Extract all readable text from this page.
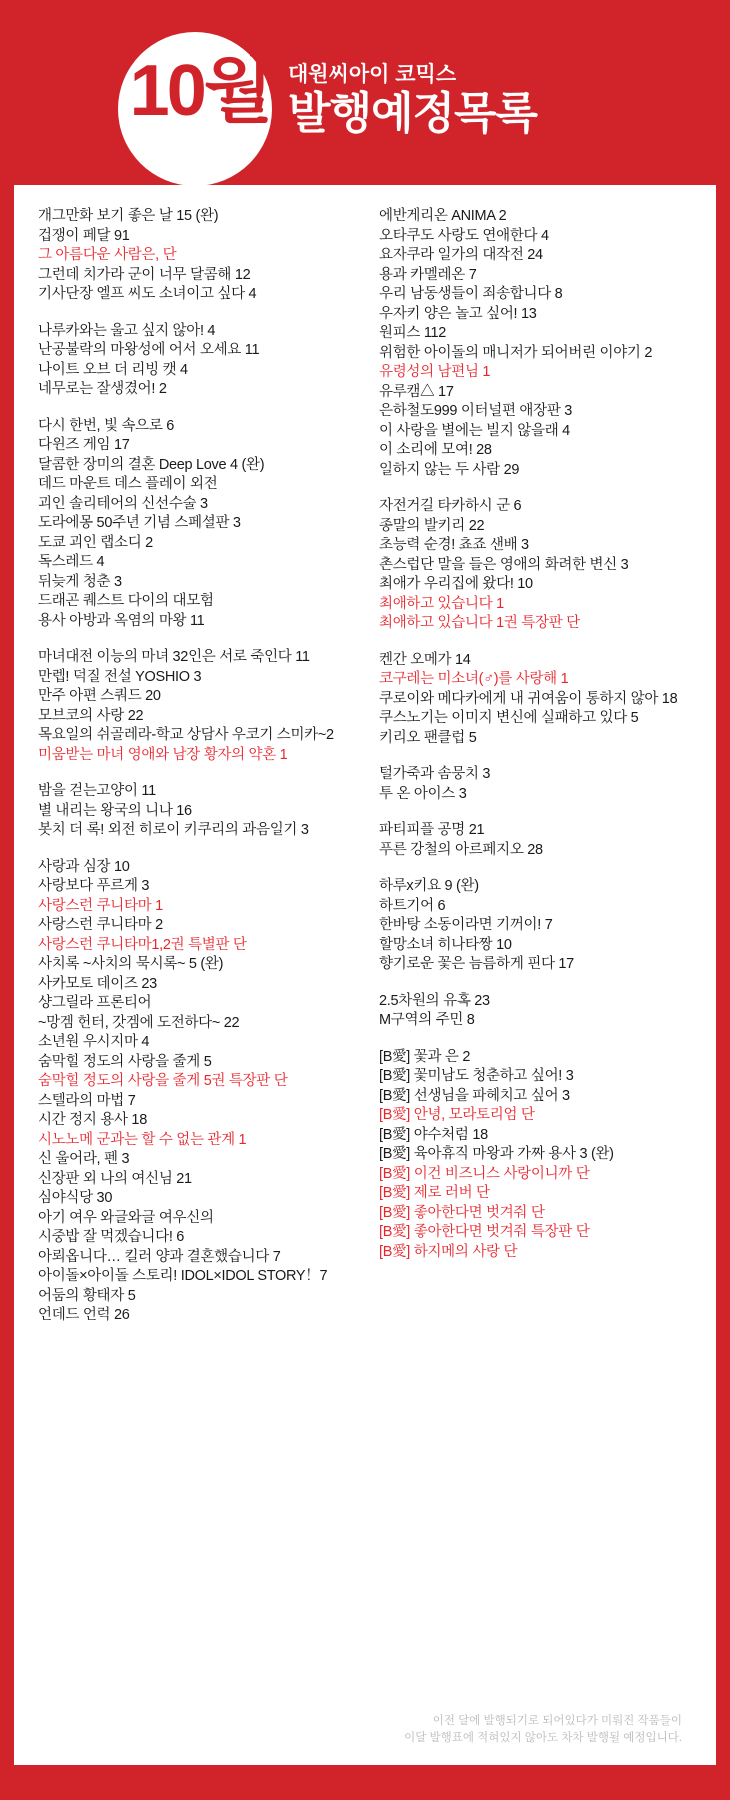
10월 대원씨아이 코믹스
발행예정목록
개그만화 보기 좋은 날 15 (완)
겁쟁이 페달 91
그 아름다운 사람은, 단
그런데 치가라 군이 너무 달콤해 12
기사단장 엘프 씨도 소녀이고 싶다 4
나루카와는 울고 싶지 않아! 4
난공불락의 마왕성에 어서 오세요 11
나이트 오브 더 리빙 캣 4
네무로는 잘생겼어! 2
다시 한번, 빛 속으로 6
다윈즈 게임 17
달콤한 장미의 결혼 Deep Love 4 (완)
데드 마운트 데스 플레이 외전
괴인 솔리테어의 신선수술 3
도라에몽 50주년 기념 스페셜판 3
도쿄 괴인 랩소디 2
독스레드 4
뒤늦게 청춘 3
드래곤 퀘스트 다이의 대모험
용사 아방과 옥염의 마왕 11
마녀대전 이능의 마녀 32인은 서로 죽인다 11
만렙! 덕질 전설 YOSHIO 3
만주 아편 스쿼드 20
모브코의 사랑 22
목요일의 쉬골레라-학교 상담사 우코기 스미카~2
미움받는 마녀 영애와 남장 황자의 약혼 1
밤을 걷는고양이 11
별 내리는 왕국의 니나 16
봇치 더 록! 외전 히로이 키쿠리의 과음일기 3
사랑과 심장 10
사랑보다 푸르게 3
사랑스런 쿠니타마 1
사랑스런 쿠니타마 2
사랑스런 쿠니타마1,2권 특별판 단
사치록 ~사치의 묵시록~ 5 (완)
사카모토 데이즈 23
샹그릴라 프론티어
~망겜 헌터, 갓겜에 도전하다~ 22
소년원 우시지마 4
숨막힐 정도의 사랑을 줄게 5
숨막힐 정도의 사랑을 줄게 5권 특장판 단
스텔라의 마법 7
시간 정지 용사 18
시노노메 군과는 할 수 없는 관계 1
신 울어라, 펜 3
신장판 외 나의 여신님 21
심야식당 30
아기 여우 와글와글 여우신의
시중밥 잘 먹겠습니다! 6
아뢰옵니다… 킬러 양과 결혼했습니다 7
아이돌×아이돌 스토리! IDOL×IDOL STORY！7
어둠의 황태자 5
언데드 언럭 26
에반게리온 ANIMA 2
오타쿠도 사랑도 연애한다 4
요자쿠라 일가의 대작전 24
용과 카멜레온 7
우리 남동생들이 죄송합니다 8
우자키 양은 놀고 싶어! 13
원피스 112
위험한 아이돌의 매니저가 되어버린 이야기 2
유령성의 남편님 1
유루캠△ 17
은하철도999 이터널편 애장판 3
이 사랑을 별에는 빌지 않을래 4
이 소리에 모여! 28
일하지 않는 두 사람 29
자전거길 타카하시 군 6
종말의 발키리 22
초능력 순경! 쵸죠 샌배 3
촌스럽단 말을 들은 영애의 화려한 변신 3
최애가 우리집에 왔다! 10
최애하고 있습니다 1
최애하고 있습니다 1권 특장판 단
켄간 오메가 14
코구레는 미소녀(♂)를 사랑해 1
쿠로이와 메다카에게 내 귀여움이 통하지 않아 18
쿠스노기는 이미지 변신에 실패하고 있다 5
키리오 팬클럽 5
털가죽과 솜뭉치 3
투 온 아이스 3
파티피플 공명 21
푸른 강철의 아르페지오 28
하루x키요 9 (완)
하트기어 6
한바탕 소동이라면 기꺼이! 7
할망소녀 히나타짱 10
향기로운 꽃은 늠름하게 핀다 17
2.5차원의 유혹 23
M구역의 주민 8
[B愛] 꽃과 은 2
[B愛] 꽃미남도 청춘하고 싶어! 3
[B愛] 선생님을 파헤치고 싶어 3
[B愛] 안녕, 모라토리엄 단
[B愛] 야수처럼 18
[B愛] 육아휴직 마왕과 가짜 용사 3 (완)
[B愛] 이건 비즈니스 사랑이니까 단
[B愛] 제로 러버 단
[B愛] 좋아한다면 벗겨줘 단
[B愛] 좋아한다면 벗겨줘 특장판 단
[B愛] 하지메의 사랑 단
이전 달에 발행되기로 되어있다가 미뤄진 작품들이
이달 발행표에 적혀있지 않아도 차차 발행될 예정입니다.
